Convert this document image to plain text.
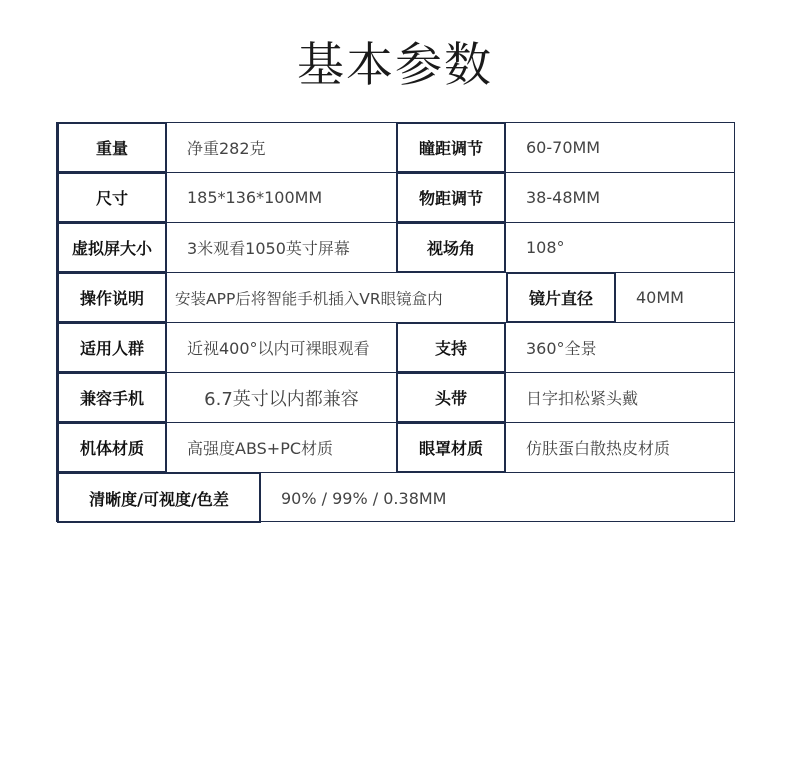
基本参数
重量	净重282克	瞳距调节	60-70MM
尺寸	185*136*100MM	物距调节	38-48MM
虚拟屏大小	3米观看1050英寸屏幕	视场角	108°
操作说明	安装APP后将智能手机插入VR眼镜盒内	镜片直径	40MM
适用人群	近视400°以内可裸眼观看	支持	360°全景
兼容手机	6.7英寸以内都兼容	头带	日字扣松紧头戴
机体材质	高强度ABS+PC材质	眼罩材质	仿肤蛋白散热皮材质
清晰度/可视度/色差	90% / 99% / 0.38MM
